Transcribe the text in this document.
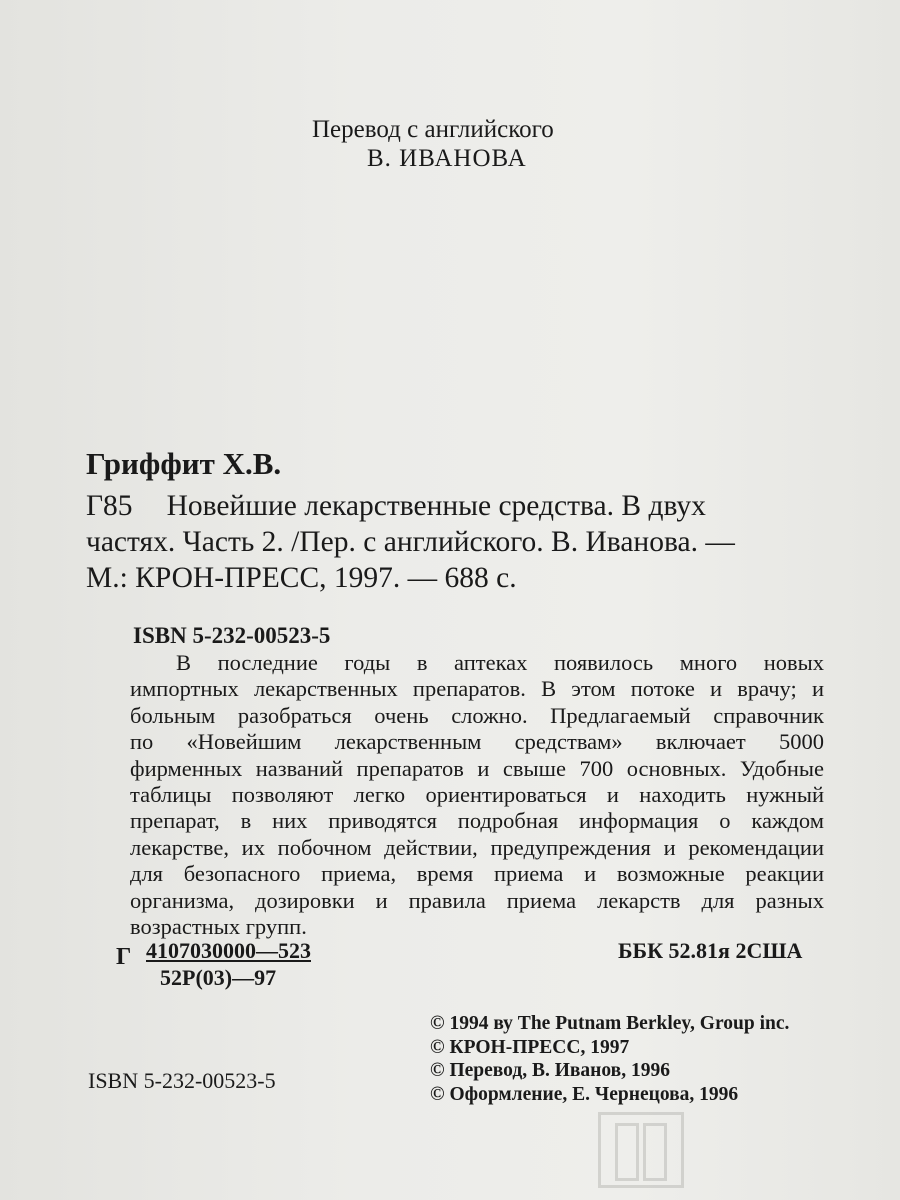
Перевод с английского
В. ИВАНОВА
Гриффит Х.В.
Г85 Новейшие лекарственные средства. В двух
частях. Часть 2. /Пер. с английского. В. Иванова. —
М.: КРОН-ПРЕСС, 1997. — 688 с.
ISBN 5-232-00523-5
В последние годы в аптеках появилось много новых
импортных лекарственных препаратов. В этом потоке и врачу; и
больным разобраться очень сложно. Предлагаемый справочник
по «Новейшим лекарственным средствам» включает 5000
фирменных названий препаратов и свыше 700 основных. Удобные
таблицы позволяют легко ориентироваться и находить нужный
препарат, в них приводятся подробная информация о каждом
лекарстве, их побочном действии, предупреждения и рекомендации
для безопасного приема, время приема и возможные реакции
организма, дозировки и правила приема лекарств для разных
возрастных групп.
Г 4107030000—523
52Р(03)—97
ББК 52.81я 2США
© 1994 ву The Putnam Berkley, Group inc.
© КРОН-ПРЕСС, 1997
© Перевод, В. Иванов, 1996
© Оформление, Е. Чернецова, 1996
ISBN 5-232-00523-5
